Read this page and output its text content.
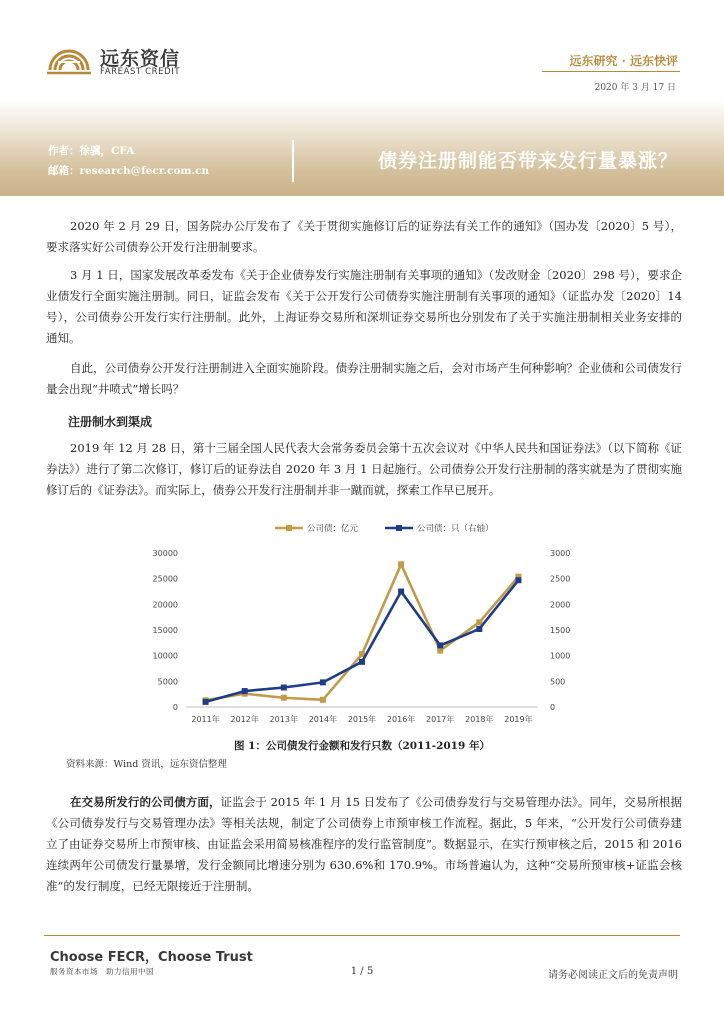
远东资信
FAREAST CREDIT
远东研究 · 远东快评
2020 年 3 月 17 日
作者：徐骥，CFA
邮箱：research@fecr.com.cn	债券注册制能否带来发行量暴涨？

2020 年 2 月 29 日，国务院办公厅发布了《关于贯彻实施修订后的证券法有关工作的通知》（国办发〔2020〕5 号），要求落实好公司债券公开发行注册制要求。

3 月 1 日，国家发展改革委发布《关于企业债券发行实施注册制有关事项的通知》（发改财金〔2020〕298 号），要求企业债发行全面实施注册制。同日，证监会发布《关于公开发行公司债券实施注册制有关事项的通知》（证监办发〔2020〕14 号），公司债券公开发行实行注册制。此外，上海证券交易所和深圳证券交易所也分别发布了关于实施注册制相关业务安排的通知。

自此，公司债券公开发行注册制进入全面实施阶段。债券注册制实施之后，会对市场产生何种影响？企业债和公司债发行量会出现“井喷式”增长吗？

注册制水到渠成

2019 年 12 月 28 日，第十三届全国人民代表大会常务委员会第十五次会议对《中华人民共和国证券法》（以下简称《证券法》）进行了第二次修订，修订后的证券法自 2020 年 3 月 1 日起施行。公司债券公开发行注册制的落实就是为了贯彻实施修订后的《证券法》。而实际上，债券公开发行注册制并非一蹴而就，探索工作早已展开。

公司债：亿元	公司债：只（右轴）
0
5000
10000
15000
20000
25000
30000
0
500
1000
1500
2000
2500
3000
2011年 2012年 2013年 2014年 2015年 2016年 2017年 2018年 2019年
图 1：公司债发行金额和发行只数（2011-2019 年）
资料来源：Wind 资讯，远东资信整理

在交易所发行的公司债方面，证监会于 2015 年 1 月 15 日发布了《公司债券发行与交易管理办法》。同年，交易所根据《公司债券发行与交易管理办法》等相关法规，制定了公司债券上市预审核工作流程。据此，5 年来，“公开发行公司债券建立了由证券交易所上市预审核、由证监会采用简易核准程序的发行监管制度”。数据显示，在实行预审核之后，2015 和 2016 连续两年公司债发行量暴增，发行金额同比增速分别为 630.6%和 170.9%。市场普遍认为，这种“交易所预审核+证监会核准”的发行制度，已经无限接近于注册制。

Choose FECR，Choose Trust
服务资本市场　助力信用中国	1 / 5	请务必阅读正文后的免责声明
